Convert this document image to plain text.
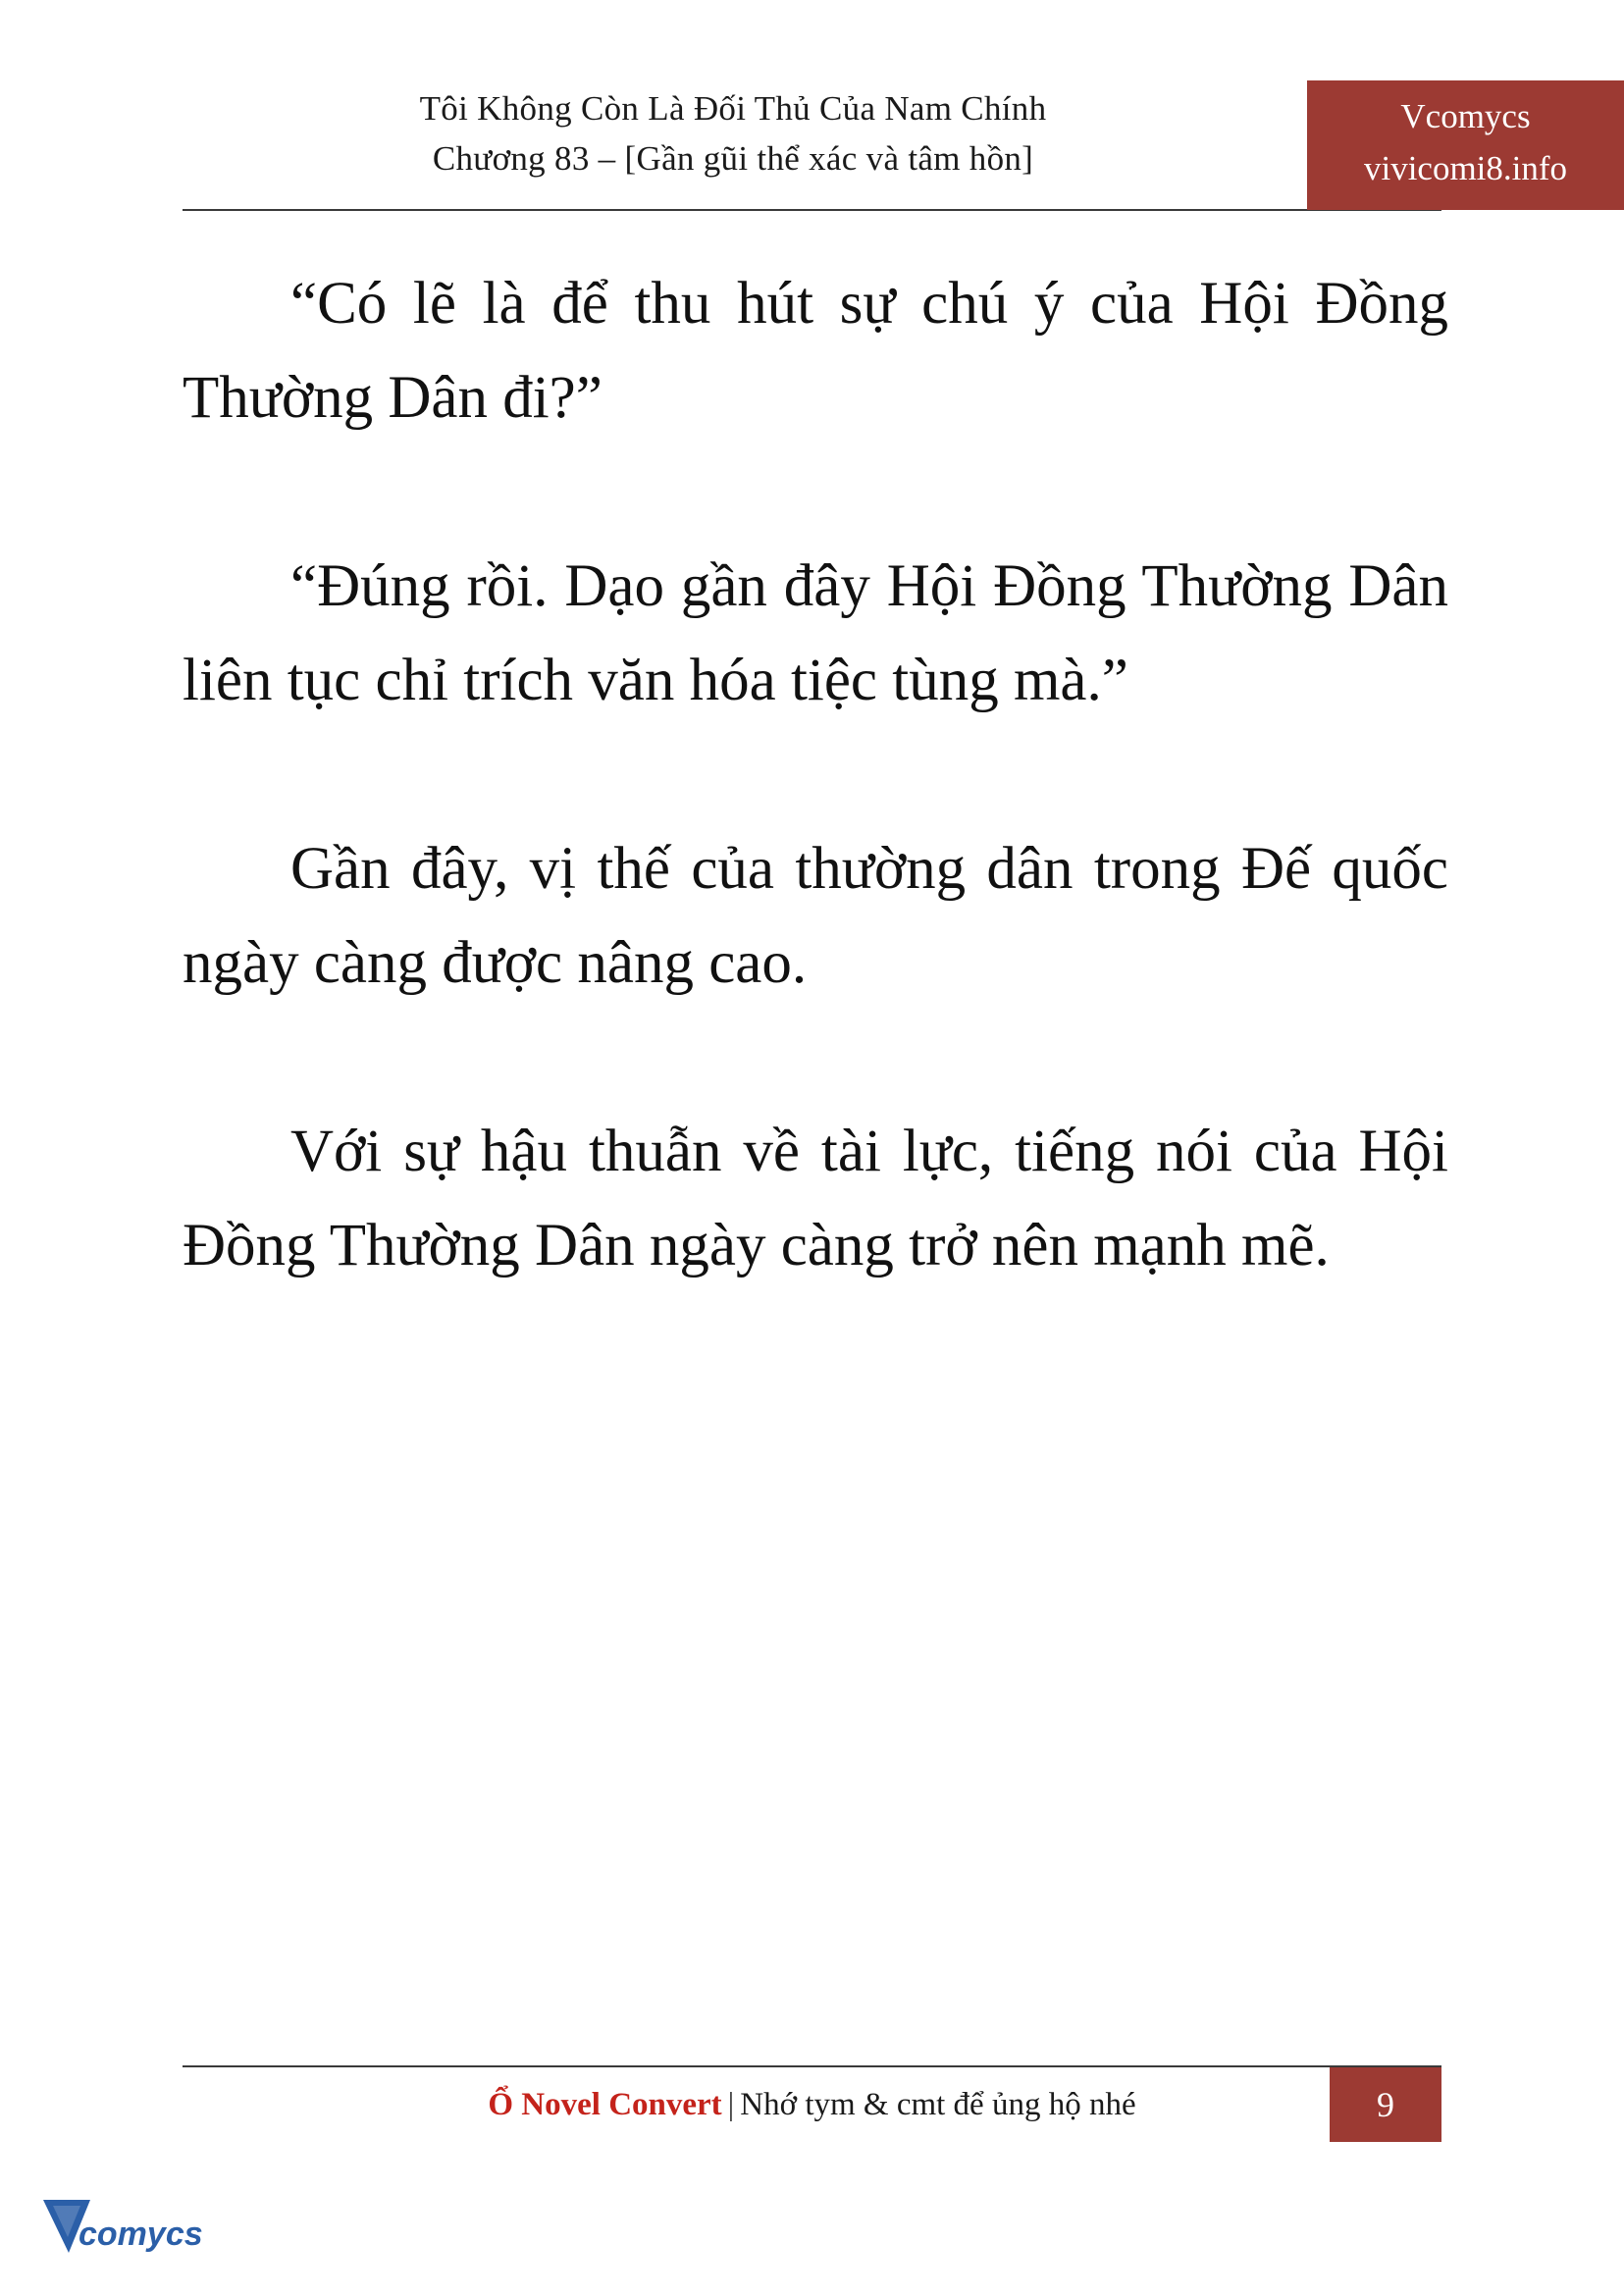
Tôi Không Còn Là Đối Thủ Của Nam Chính
Chương 83 – [Gần gũi thể xác và tâm hồn]
Vcomycs
vivicomi8.info

“Có lẽ là để thu hút sự chú ý của Hội Đồng Thường Dân đi?”

“Đúng rồi. Dạo gần đây Hội Đồng Thường Dân liên tục chỉ trích văn hóa tiệc tùng mà.”

Gần đây, vị thế của thường dân trong Đế quốc ngày càng được nâng cao.

Với sự hậu thuẫn về tài lực, tiếng nói của Hội Đồng Thường Dân ngày càng trở nên mạnh mẽ.

Ổ Novel Convert | Nhớ tym & cmt để ủng hộ nhé	9
comycs
